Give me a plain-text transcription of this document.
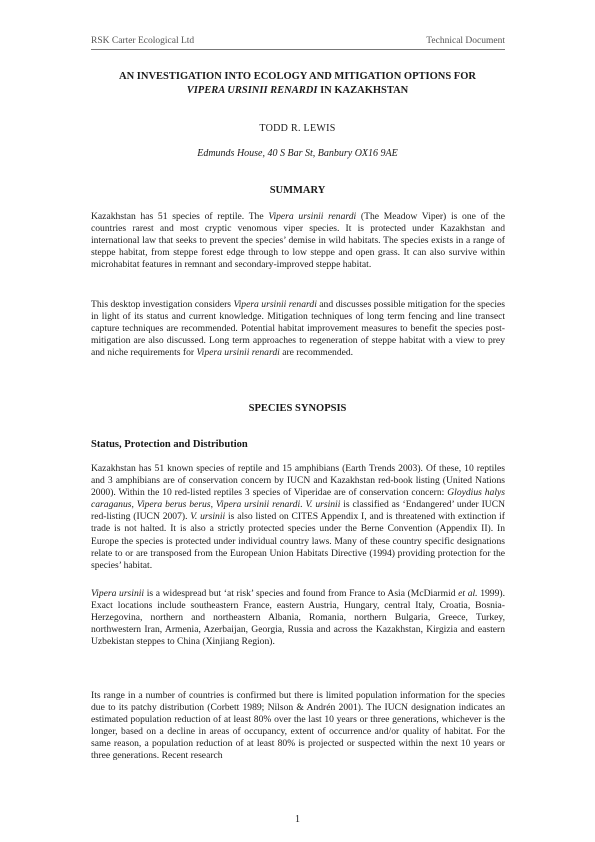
RSK Carter Ecological Ltd	Technical Document
AN INVESTIGATION INTO ECOLOGY AND MITIGATION OPTIONS FOR
VIPERA URSINII RENARDI IN KAZAKHSTAN
TODD R. LEWIS
Edmunds House, 40 S Bar St, Banbury OX16 9AE
SUMMARY
Kazakhstan has 51 species of reptile. The Vipera ursinii renardi (The Meadow Viper) is one of the countries rarest and most cryptic venomous viper species. It is protected under Kazakhstan and international law that seeks to prevent the species’ demise in wild habitats. The species exists in a range of steppe habitat, from steppe forest edge through to low steppe and open grass. It can also survive within microhabitat features in remnant and secondary-improved steppe habitat.
This desktop investigation considers Vipera ursinii renardi and discusses possible mitigation for the species in light of its status and current knowledge. Mitigation techniques of long term fencing and line transect capture techniques are recommended. Potential habitat improvement measures to benefit the species post-mitigation are also discussed. Long term approaches to regeneration of steppe habitat with a view to prey and niche requirements for Vipera ursinii renardi are recommended.
SPECIES SYNOPSIS
Status, Protection and Distribution
Kazakhstan has 51 known species of reptile and 15 amphibians (Earth Trends 2003). Of these, 10 reptiles and 3 amphibians are of conservation concern by IUCN and Kazakhstan red-book listing (United Nations 2000). Within the 10 red-listed reptiles 3 species of Viperidae are of conservation concern: Gloydius halys caraganus, Vipera berus berus, Vipera ursinii renardi. V. ursinii is classified as ‘Endangered’ under IUCN red-listing (IUCN 2007). V. ursinii is also listed on CITES Appendix I, and is threatened with extinction if trade is not halted. It is also a strictly protected species under the Berne Convention (Appendix II). In Europe the species is protected under individual country laws. Many of these country specific designations relate to or are transposed from the European Union Habitats Directive (1994) providing protection for the species’ habitat.
Vipera ursinii is a widespread but ‘at risk’ species and found from France to Asia (McDiarmid et al. 1999). Exact locations include southeastern France, eastern Austria, Hungary, central Italy, Croatia, Bosnia-Herzegovina, northern and northeastern Albania, Romania, northern Bulgaria, Greece, Turkey, northwestern Iran, Armenia, Azerbaijan, Georgia, Russia and across the Kazakhstan, Kirgizia and eastern Uzbekistan steppes to China (Xinjiang Region).
Its range in a number of countries is confirmed but there is limited population information for the species due to its patchy distribution (Corbett 1989; Nilson & Andrén 2001). The IUCN designation indicates an estimated population reduction of at least 80% over the last 10 years or three generations, whichever is the longer, based on a decline in areas of occupancy, extent of occurrence and/or quality of habitat. For the same reason, a population reduction of at least 80% is projected or suspected within the next 10 years or three generations. Recent research
1
